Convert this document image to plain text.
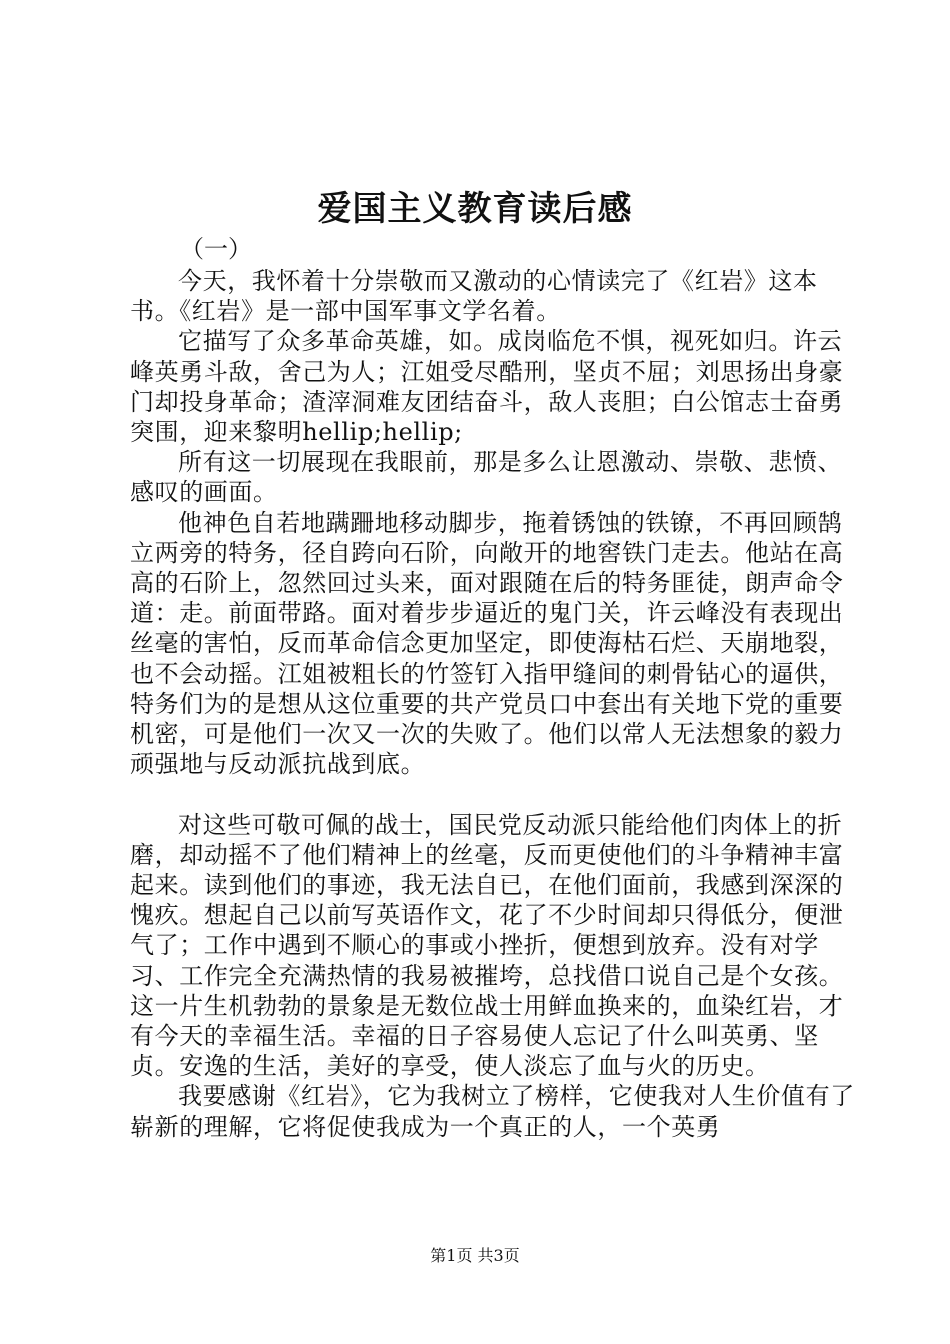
爱国主义教育读后感
（一）

今天，我怀着十分崇敬而又激动的心情读完了《红岩》这本书。《红岩》是一部中国军事文学名着。

它描写了众多革命英雄，如。成岗临危不惧，视死如归。许云峰英勇斗敌，舍己为人；江姐受尽酷刑，坚贞不屈；刘思扬出身豪门却投身革命；渣滓洞难友团结奋斗，敌人丧胆；白公馆志士奋勇突围，迎来黎明hellip;hellip;

所有这一切展现在我眼前，那是多么让恩激动、崇敬、悲愤、感叹的画面。

他神色自若地蹒跚地移动脚步，拖着锈蚀的铁镣，不再回顾鹄立两旁的特务，径自跨向石阶，向敞开的地窖铁门走去。他站在高高的石阶上，忽然回过头来，面对跟随在后的特务匪徒，朗声命令道：走。前面带路。面对着步步逼近的鬼门关，许云峰没有表现出丝毫的害怕，反而革命信念更加坚定，即使海枯石烂、天崩地裂，也不会动摇。江姐被粗长的竹签钉入指甲缝间的刺骨钻心的逼供，特务们为的是想从这位重要的共产党员口中套出有关地下党的重要机密，可是他们一次又一次的失败了。他们以常人无法想象的毅力顽强地与反动派抗战到底。

对这些可敬可佩的战士，国民党反动派只能给他们肉体上的折磨，却动摇不了他们精神上的丝毫，反而更使他们的斗争精神丰富起来。读到他们的事迹，我无法自已，在他们面前，我感到深深的愧疚。想起自己以前写英语作文，花了不少时间却只得低分，便泄气了；工作中遇到不顺心的事或小挫折，便想到放弃。没有对学习、工作完全充满热情的我易被摧垮，总找借口说自己是个女孩。这一片生机勃勃的景象是无数位战士用鲜血换来的，血染红岩，才有今天的幸福生活。幸福的日子容易使人忘记了什么叫英勇、坚贞。安逸的生活，美好的享受，使人淡忘了血与火的历史。

我要感谢《红岩》，它为我树立了榜样，它使我对人生价值有了崭新的理解，它将促使我成为一个真正的人，一个英勇

第1页 共3页
